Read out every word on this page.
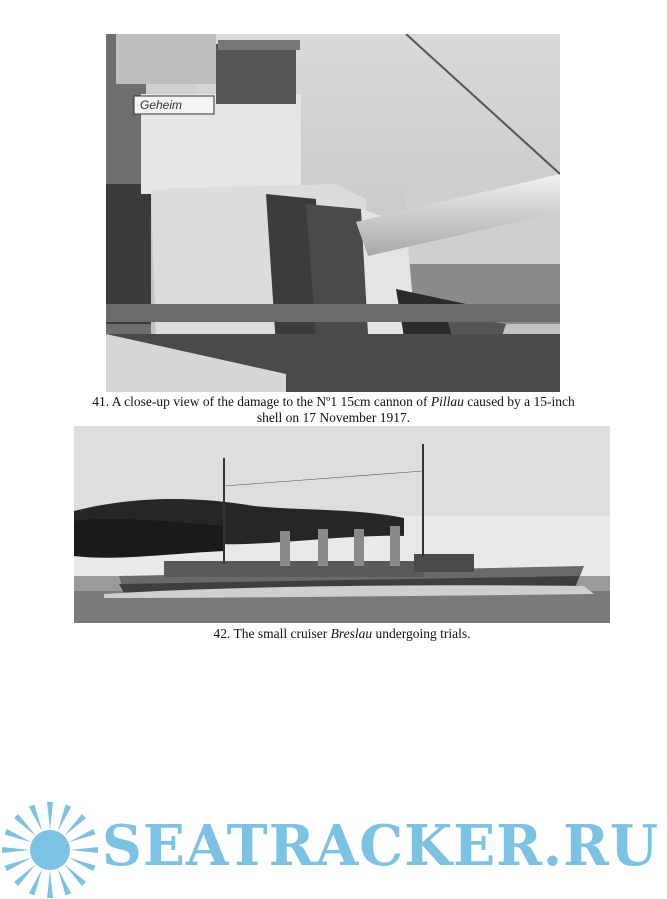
Geheim
41. A close-up view of the damage to the Nº1 15cm cannon of Pillau caused by a 15-inch
shell on 17 November 1917.
42. The small cruiser Breslau undergoing trials.
SEATRACKER.RU
